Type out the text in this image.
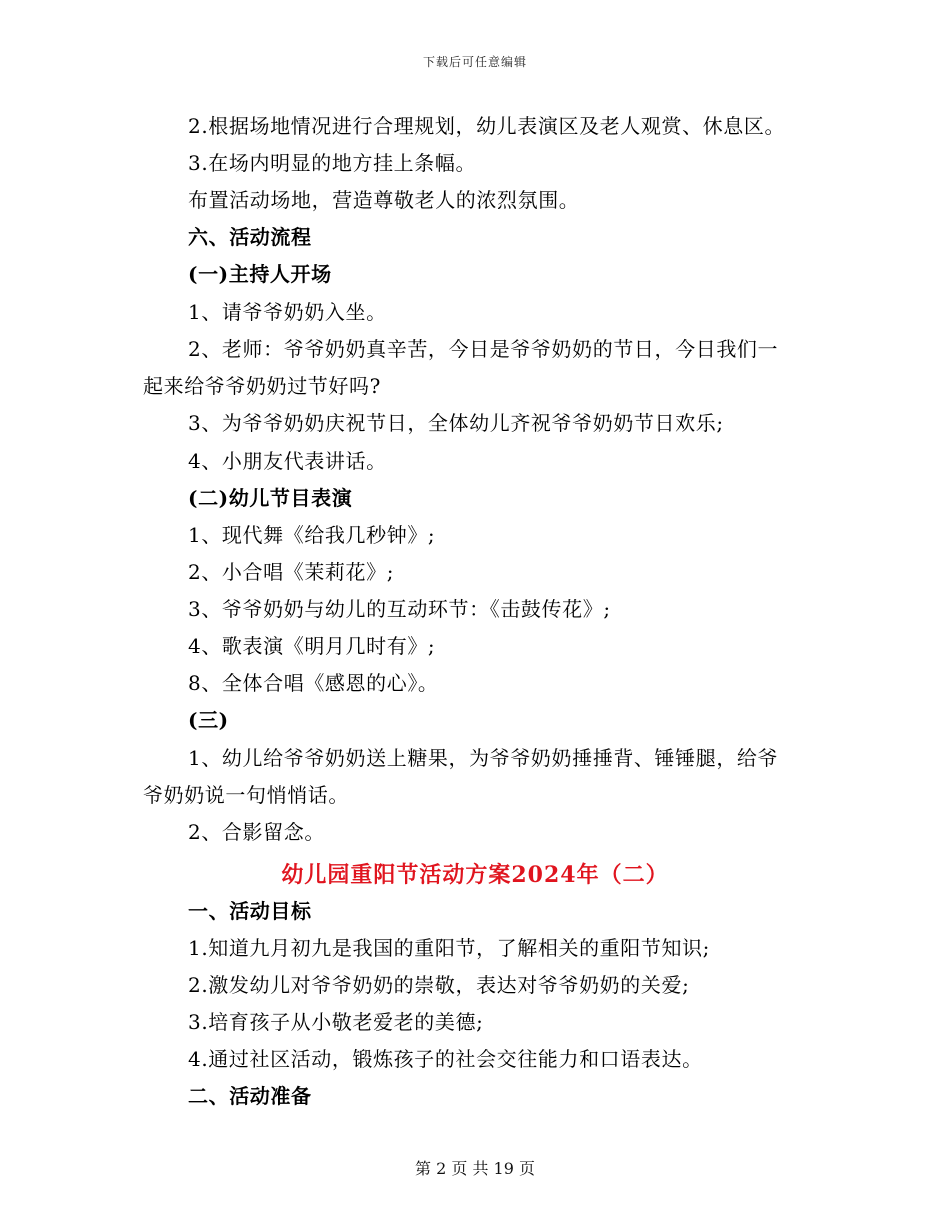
下载后可任意编辑
2.根据场地情况进行合理规划，幼儿表演区及老人观赏、休息区。
3.在场内明显的地方挂上条幅。
布置活动场地，营造尊敬老人的浓烈氛围。
六、活动流程
(一)主持人开场
1、请爷爷奶奶入坐。
2、老师：爷爷奶奶真辛苦，今日是爷爷奶奶的节日，今日我们一
起来给爷爷奶奶过节好吗?
3、为爷爷奶奶庆祝节日，全体幼儿齐祝爷爷奶奶节日欢乐;
4、小朋友代表讲话。
(二)幼儿节目表演
1、现代舞《给我几秒钟》;
2、小合唱《茉莉花》;
3、爷爷奶奶与幼儿的互动环节：《击鼓传花》;
4、歌表演《明月几时有》;
8、全体合唱《感恩的心》。
(三)
1、幼儿给爷爷奶奶送上糖果，为爷爷奶奶捶捶背、锤锤腿，给爷
爷奶奶说一句悄悄话。
2、合影留念。
幼儿园重阳节活动方案2024年（二）
一、活动目标
1.知道九月初九是我国的重阳节，了解相关的重阳节知识;
2.激发幼儿对爷爷奶奶的崇敬，表达对爷爷奶奶的关爱;
3.培育孩子从小敬老爱老的美德;
4.通过社区活动，锻炼孩子的社会交往能力和口语表达。
二、活动准备
第 2 页 共 19 页
